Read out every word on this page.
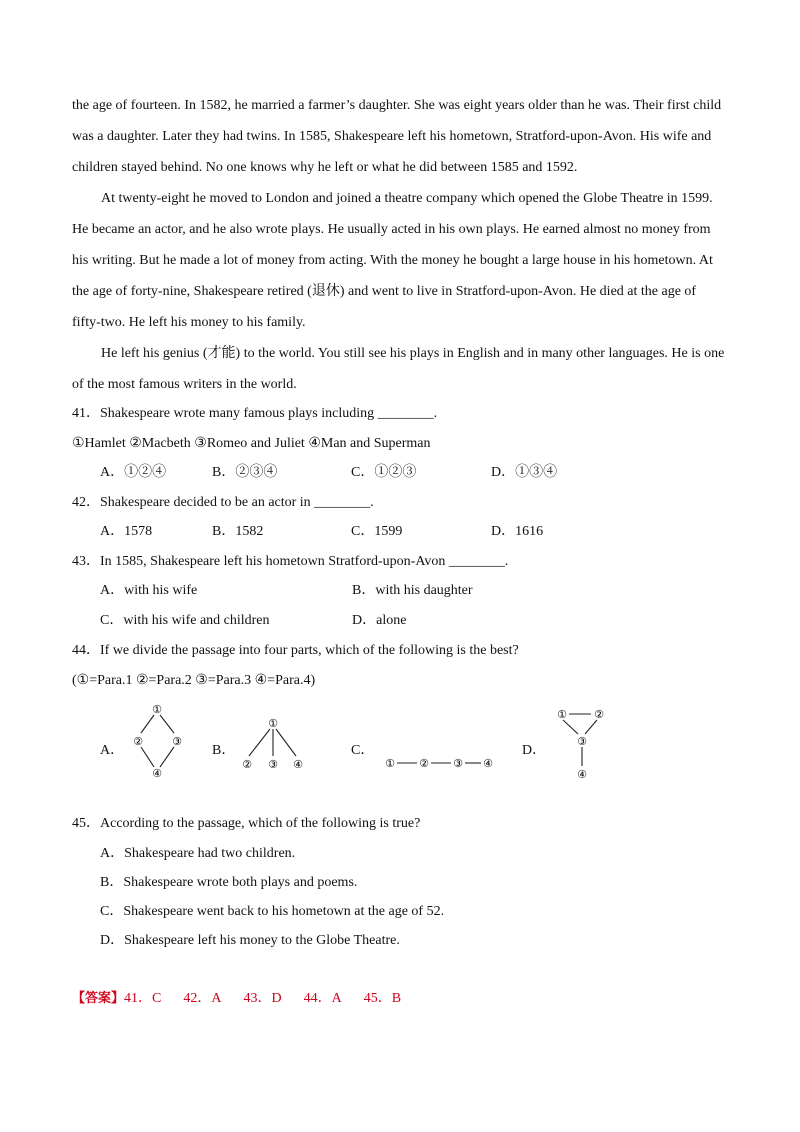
the age of fourteen. In 1582, he married a farmer’s daughter. She was eight years older than he was. Their first child
was a daughter. Later they had twins. In 1585, Shakespeare left his hometown, Stratford-upon-Avon. His wife and
children stayed behind. No one knows why he left or what he did between 1585 and 1592.
At twenty-eight he moved to London and joined a theatre company which opened the Globe Theatre in 1599.
He became an actor, and he also wrote plays. He usually acted in his own plays. He earned almost no money from
his writing. But he made a lot of money from acting. With the money he bought a large house in his hometown. At
the age of forty-nine, Shakespeare retired (退休) and went to live in Stratford-upon-Avon. He died at the age of
fifty-two. He left his money to his family.
He left his genius (才能) to the world. You still see his plays in English and in many other languages. He is one
of the most famous writers in the world.
41．Shakespeare wrote many famous plays including ________.
①Hamlet ②Macbeth ③Romeo and Juliet ④Man and Superman
A．①②④	B．②③④	C．①②③	D．①③④
42．Shakespeare decided to be an actor in ________.
A．1578	B．1582	C．1599	D．1616
43．In 1585, Shakespeare left his hometown Stratford-upon-Avon ________.
A．with his wife	B．with his daughter
C．with his wife and children	D．alone
44．If we divide the passage into four parts, which of the following is the best?
(①=Para.1 ②=Para.2 ③=Para.3 ④=Para.4)
A．
①
②	③
④
B．
①
② ③ ④
C．
① ② ③ ④
D．
① ②
③
④
45．According to the passage, which of the following is true?
A．Shakespeare had two children.
B．Shakespeare wrote both plays and poems.
C．Shakespeare went back to his hometown at the age of 52.
D．Shakespeare left his money to the Globe Theatre.
【答案】41．C 42．A 43．D 44．A 45．B
